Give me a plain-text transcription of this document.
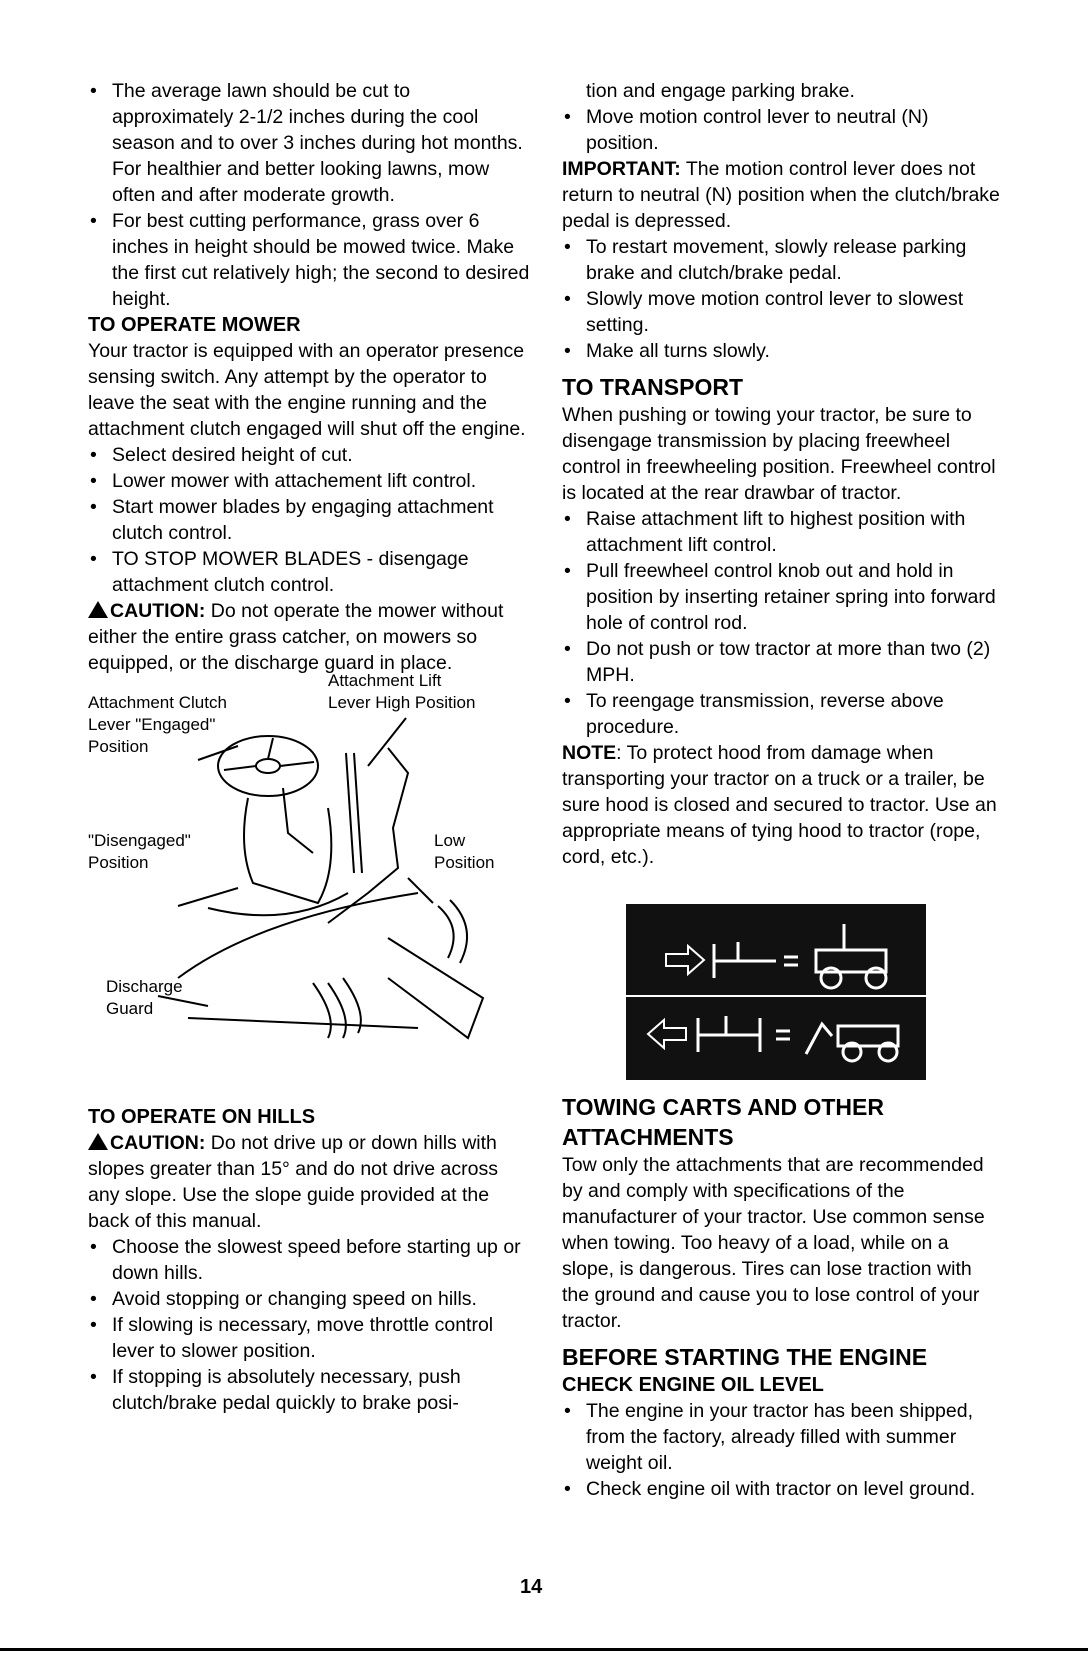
• The average lawn should be cut to approximately 2-1/2 inches during the cool season and to over 3 inches during hot months. For healthier and better looking lawns, mow often and after moderate growth.
• For best cutting performance, grass over 6 inches in height should be mowed twice. Make the first cut relatively high; the second to desired height.
TO OPERATE MOWER

Your tractor is equipped with an operator presence sensing switch. Any attempt by the operator to leave the seat with the engine running and the attachment clutch engaged will shut off the engine.

• Select desired height of cut.
• Lower mower with attachement lift control.
• Start mower blades by engaging attachment clutch control.
• TO STOP MOWER BLADES - disengage attachment clutch control.

CAUTION: Do not operate the mower without either the entire grass catcher, on mowers so equipped, or the discharge guard in place.

Attachment Lift
Lever High Position
Attachment Clutch
Lever "Engaged"
Position
"Disengaged"
Position
Low
Position
Discharge
Guard
TO OPERATE ON HILLS

CAUTION: Do not drive up or down hills with slopes greater than 15° and do not drive across any slope. Use the slope guide provided at the back of this manual.

• Choose the slowest speed before starting up or down hills.
• Avoid stopping or changing speed on hills.
• If slowing is necessary, move throttle control lever to slower position.
• If stopping is absolutely necessary, push clutch/brake pedal quickly to brake posi-

tion and engage parking brake.

• Move motion control lever to neutral (N) position.

IMPORTANT: The motion control lever does not return to neutral (N) position when the clutch/brake pedal is depressed.

• To restart movement, slowly release parking brake and clutch/brake pedal.
• Slowly move motion control lever to slowest setting.
• Make all turns slowly.
TO TRANSPORT

When pushing or towing your tractor, be sure to disengage transmission by placing freewheel control in freewheeling position. Freewheel control is located at the rear drawbar of tractor.

• Raise attachment lift to highest position with attachment lift control.
• Pull freewheel control knob out and hold in position by inserting retainer spring into forward hole of control rod.
• Do not push or tow tractor at more than two (2) MPH.
• To reengage transmission, reverse above procedure.

NOTE: To protect hood from damage when transporting your tractor on a truck or a trailer, be sure hood is closed and secured to tractor. Use an appropriate means of tying hood to tractor (rope, cord, etc.).

TOWING CARTS AND OTHER ATTACHMENTS

Tow only the attachments that are recommended by and comply with specifications of the manufacturer of your tractor. Use common sense when towing. Too heavy of a load, while on a slope, is dangerous. Tires can lose traction with the ground and cause you to lose control of your tractor.

BEFORE STARTING THE ENGINE
CHECK ENGINE OIL LEVEL
• The engine in your tractor has been shipped, from the factory, already filled with summer weight oil.
• Check engine oil with tractor on level ground.
14
